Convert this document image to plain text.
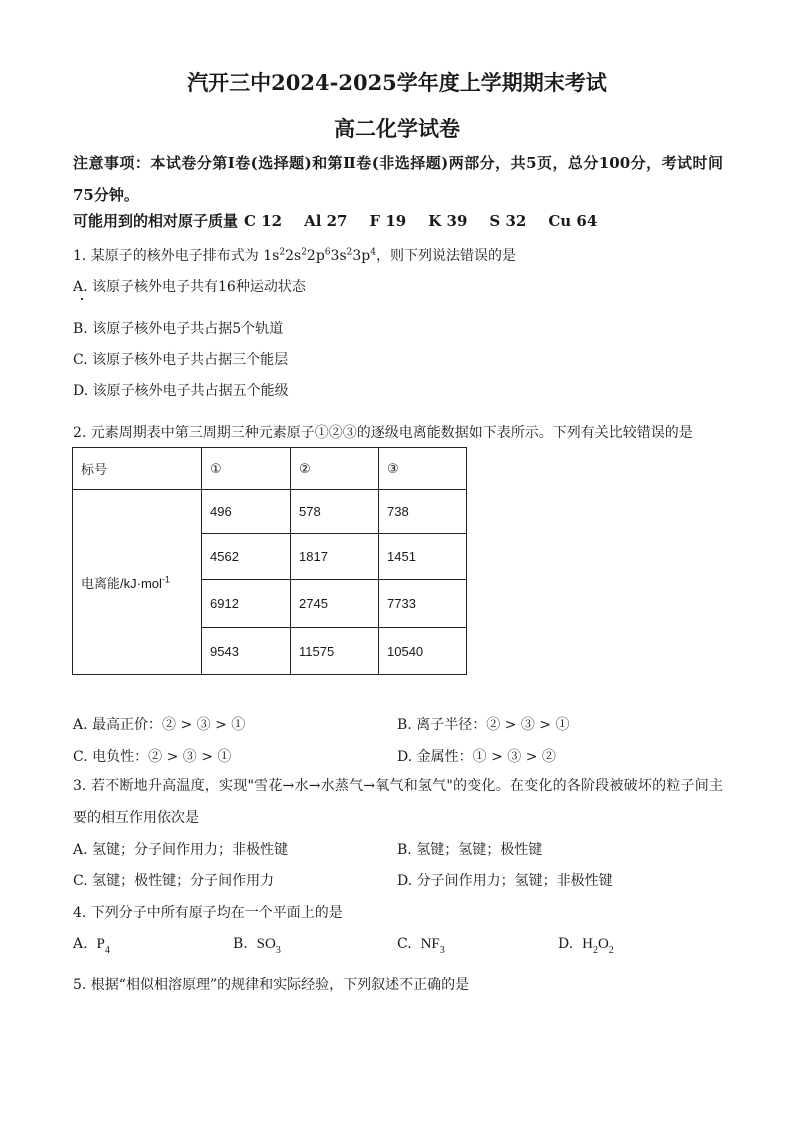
汽开三中2024-2025学年度上学期期末考试
高二化学试卷
注意事项：本试卷分第Ⅰ卷(选择题)和第Ⅱ卷(非选择题)两部分，共5页，总分100分，考试时间75分钟。
可能用到的相对原子质量 C 12 Al 27 F 19 K 39 S 32 Cu 64
1. 某原子的核外电子排布式为 $1s^22s^22p^63s^23p^4$，则下列说法错误的是
A. 该原子核外电子共有16种运动状态
B. 该原子核外电子共占据5个轨道
C. 该原子核外电子共占据三个能层
D. 该原子核外电子共占据五个能级
2. 元素周期表中第三周期三种元素原子①②③的逐级电离能数据如下表所示。下列有关比较错误的是
标号	①	②	③
电离能/kJ·mol$^{-1}$	496	578	738
	4562	1817	1451
	6912	2745	7733
	9543	11575	10540
A. 最高正价：② > ③ > ①	B. 离子半径：② > ③ > ①
C. 电负性：② > ③ > ①	D. 金属性：① > ③ > ②
3. 若不断地升高温度，实现"雪花→水→水蒸气→氧气和氢气"的变化。在变化的各阶段被破坏的粒子间主要的相互作用依次是
A. 氢键；分子间作用力；非极性键	B. 氢键；氢键；极性键
C. 氢键；极性键；分子间作用力	D. 分子间作用力；氢键；非极性键
4. 下列分子中所有原子均在一个平面上的是
A. $P_4$	B. $SO_3$	C. $NF_3$	D. $H_2O_2$
5. 根据“相似相溶原理”的规律和实际经验，下列叙述不正确的是
